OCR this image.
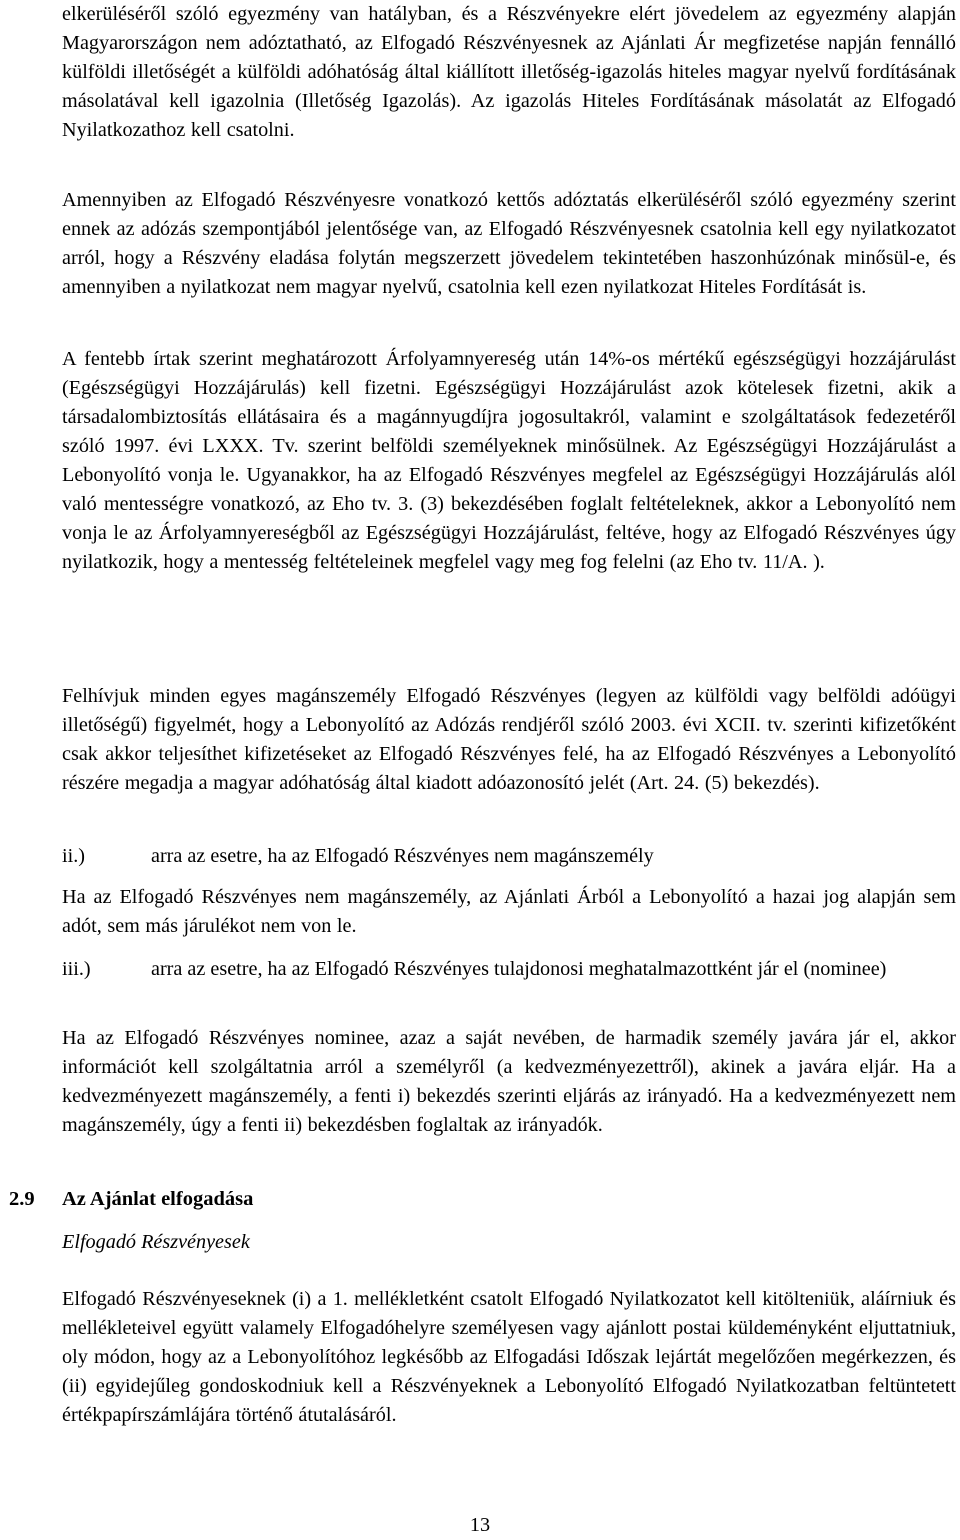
elkerüléséről szóló egyezmény van hatályban, és a Részvényekre elért jövedelem az egyezmény alapján Magyarországon nem adóztatható, az Elfogadó Részvényesnek az Ajánlati Ár megfizetése napján fennálló külföldi illetőségét a külföldi adóhatóság által kiállított illetőség-igazolás hiteles magyar nyelvű fordításának másolatával kell igazolnia (Illetőség Igazolás). Az igazolás Hiteles Fordításának másolatát az Elfogadó Nyilatkozathoz kell csatolni.

Amennyiben az Elfogadó Részvényesre vonatkozó kettős adóztatás elkerüléséről szóló egyezmény szerint ennek az adózás szempontjából jelentősége van, az Elfogadó Részvényesnek csatolnia kell egy nyilatkozatot arról, hogy a Részvény eladása folytán megszerzett jövedelem tekintetében haszonhúzónak minősül-e, és amennyiben a nyilatkozat nem magyar nyelvű, csatolnia kell ezen nyilatkozat Hiteles Fordítását is.

A fentebb írtak szerint meghatározott Árfolyamnyereség után 14%-os mértékű egészségügyi hozzájárulást (Egészségügyi Hozzájárulás) kell fizetni. Egészségügyi Hozzájárulást azok kötelesek fizetni, akik a társadalombiztosítás ellátásaira és a magánnyugdíjra jogosultakról, valamint e szolgáltatások fedezetéről szóló 1997. évi LXXX. Tv. szerint belföldi személyeknek minősülnek. Az Egészségügyi Hozzájárulást a Lebonyolító vonja le. Ugyanakkor, ha az Elfogadó Részvényes megfelel az Egészségügyi Hozzájárulás alól való mentességre vonatkozó, az Eho tv. 3. (3) bekezdésében foglalt feltételeknek, akkor a Lebonyolító nem vonja le az Árfolyamnyereségből az Egészségügyi Hozzájárulást, feltéve, hogy az Elfogadó Részvényes úgy nyilatkozik, hogy a mentesség feltételeinek megfelel vagy meg fog felelni (az Eho tv. 11/A. ).

Felhívjuk minden egyes magánszemély Elfogadó Részvényes (legyen az külföldi vagy belföldi adóügyi illetőségű) figyelmét, hogy a Lebonyolító az Adózás rendjéről szóló 2003. évi XCII. tv. szerinti kifizetőként csak akkor teljesíthet kifizetéseket az Elfogadó Részvényes felé, ha az Elfogadó Részvényes a Lebonyolító részére megadja a magyar adóhatóság által kiadott adóazonosító jelét (Art. 24. (5) bekezdés).

ii.)	arra az esetre, ha az Elfogadó Részvényes nem magánszemély

Ha az Elfogadó Részvényes nem magánszemély, az Ajánlati Árból a Lebonyolító a hazai jog alapján sem adót, sem más járulékot nem von le.

iii.)	arra az esetre, ha az Elfogadó Részvényes tulajdonosi meghatalmazottként jár el (nominee)

Ha az Elfogadó Részvényes nominee, azaz a saját nevében, de harmadik személy javára jár el, akkor információt kell szolgáltatnia arról a személyről (a kedvezményezettről), akinek a javára eljár. Ha a kedvezményezett magánszemély, a fenti i) bekezdés szerinti eljárás az irányadó. Ha a kedvezményezett nem magánszemély, úgy a fenti ii) bekezdésben foglaltak az irányadók.

2.9 Az Ajánlat elfogadása
Elfogadó Részvényesek

Elfogadó Részvényeseknek (i) a 1. mellékletként csatolt Elfogadó Nyilatkozatot kell kitölteniük, aláírniuk és mellékleteivel együtt valamely Elfogadóhelyre személyesen vagy ajánlott postai küldeményként eljuttatniuk, oly módon, hogy az a Lebonyolítóhoz legkésőbb az Elfogadási Időszak lejártát megelőzően megérkezzen, és (ii) egyidejűleg gondoskodniuk kell a Részvényeknek a Lebonyolító Elfogadó Nyilatkozatban feltüntetett értékpapírszámlájára történő átutalásáról.

13
